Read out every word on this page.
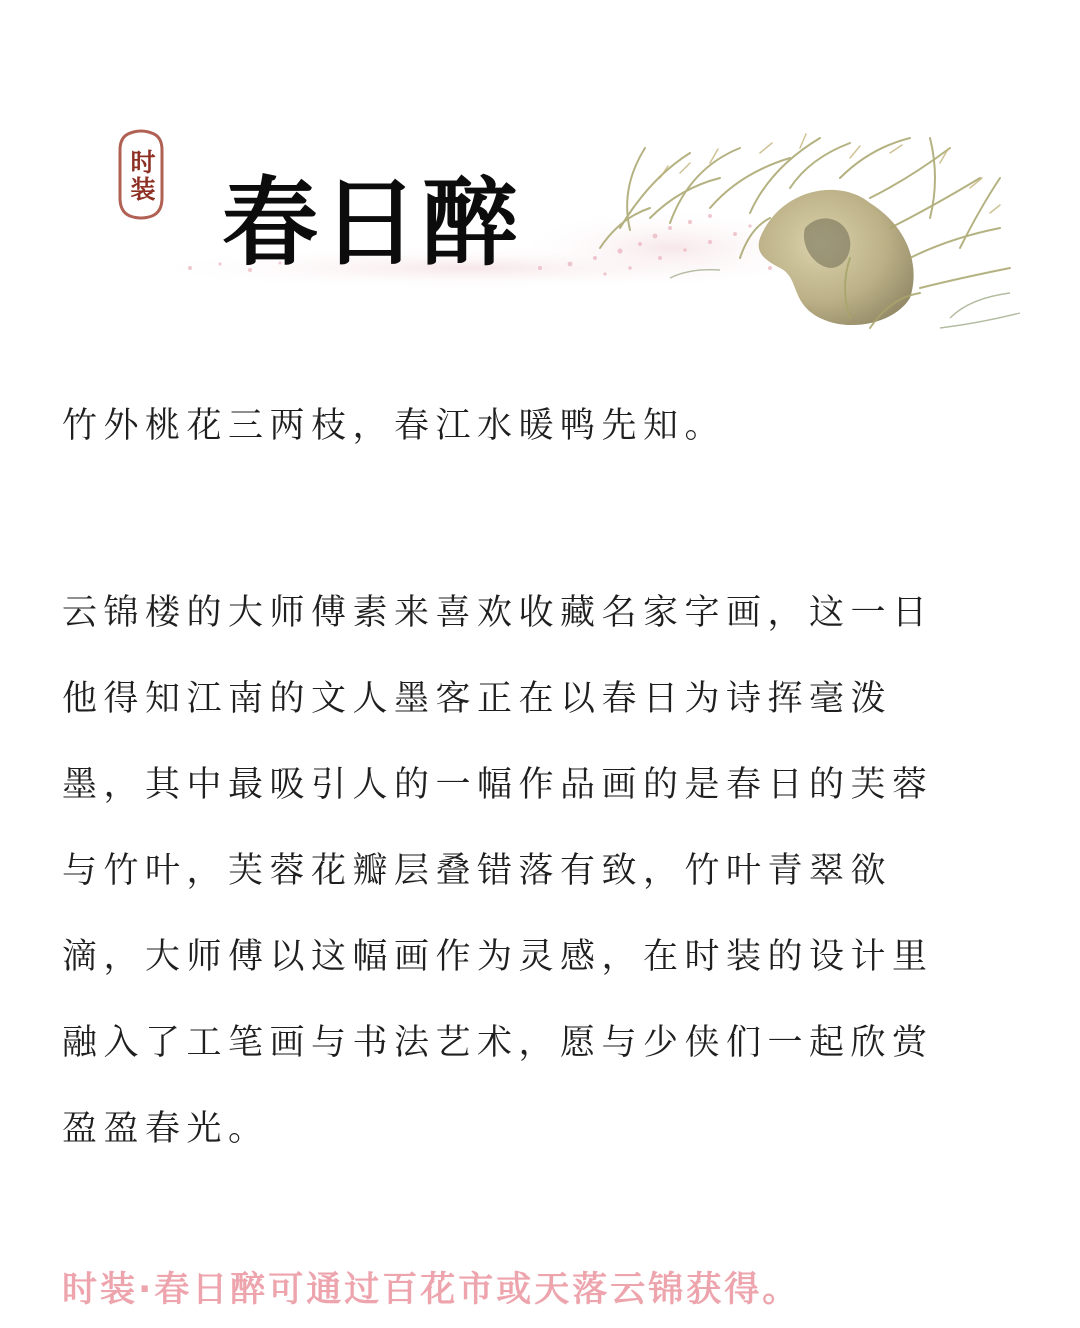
时装 春日醉
竹外桃花三两枝，春江水暖鸭先知。
云锦楼的大师傅素来喜欢收藏名家字画，这一日
他得知江南的文人墨客正在以春日为诗挥毫泼
墨，其中最吸引人的一幅作品画的是春日的芙蓉
与竹叶，芙蓉花瓣层叠错落有致，竹叶青翠欲
滴，大师傅以这幅画作为灵感，在时装的设计里
融入了工笔画与书法艺术，愿与少侠们一起欣赏
盈盈春光。
时装·春日醉可通过百花市或天落云锦获得。
